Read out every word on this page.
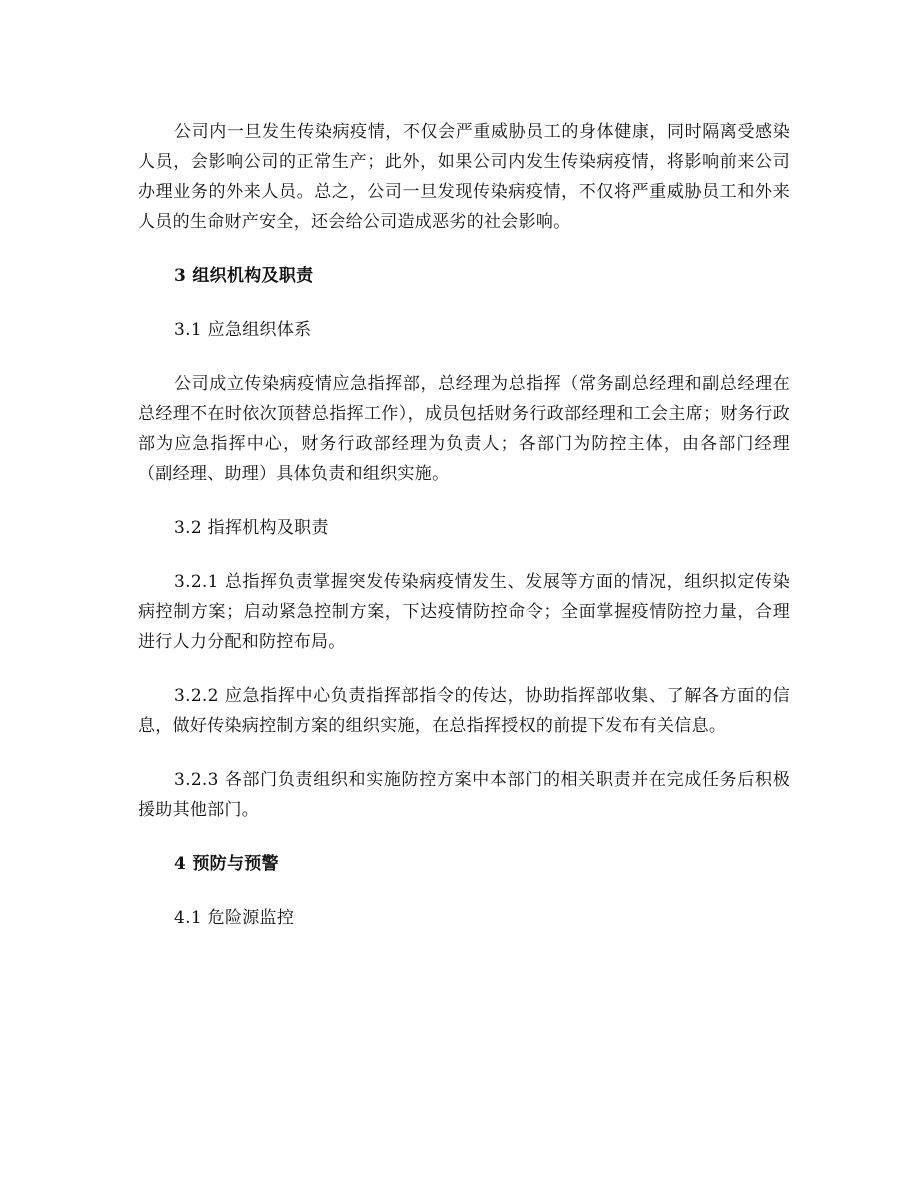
公司内一旦发生传染病疫情，不仅会严重威胁员工的身体健康，同时隔离受感染人员，会影响公司的正常生产；此外，如果公司内发生传染病疫情，将影响前来公司办理业务的外来人员。总之，公司一旦发现传染病疫情，不仅将严重威胁员工和外来人员的生命财产安全，还会给公司造成恶劣的社会影响。

3 组织机构及职责

3.1 应急组织体系

公司成立传染病疫情应急指挥部，总经理为总指挥（常务副总经理和副总经理在总经理不在时依次顶替总指挥工作），成员包括财务行政部经理和工会主席；财务行政部为应急指挥中心，财务行政部经理为负责人；各部门为防控主体，由各部门经理（副经理、助理）具体负责和组织实施。

3.2 指挥机构及职责

3.2.1 总指挥负责掌握突发传染病疫情发生、发展等方面的情况，组织拟定传染病控制方案；启动紧急控制方案，下达疫情防控命令；全面掌握疫情防控力量，合理进行人力分配和防控布局。

3.2.2 应急指挥中心负责指挥部指令的传达，协助指挥部收集、了解各方面的信息，做好传染病控制方案的组织实施，在总指挥授权的前提下发布有关信息。

3.2.3 各部门负责组织和实施防控方案中本部门的相关职责并在完成任务后积极援助其他部门。

4 预防与预警

4.1 危险源监控
